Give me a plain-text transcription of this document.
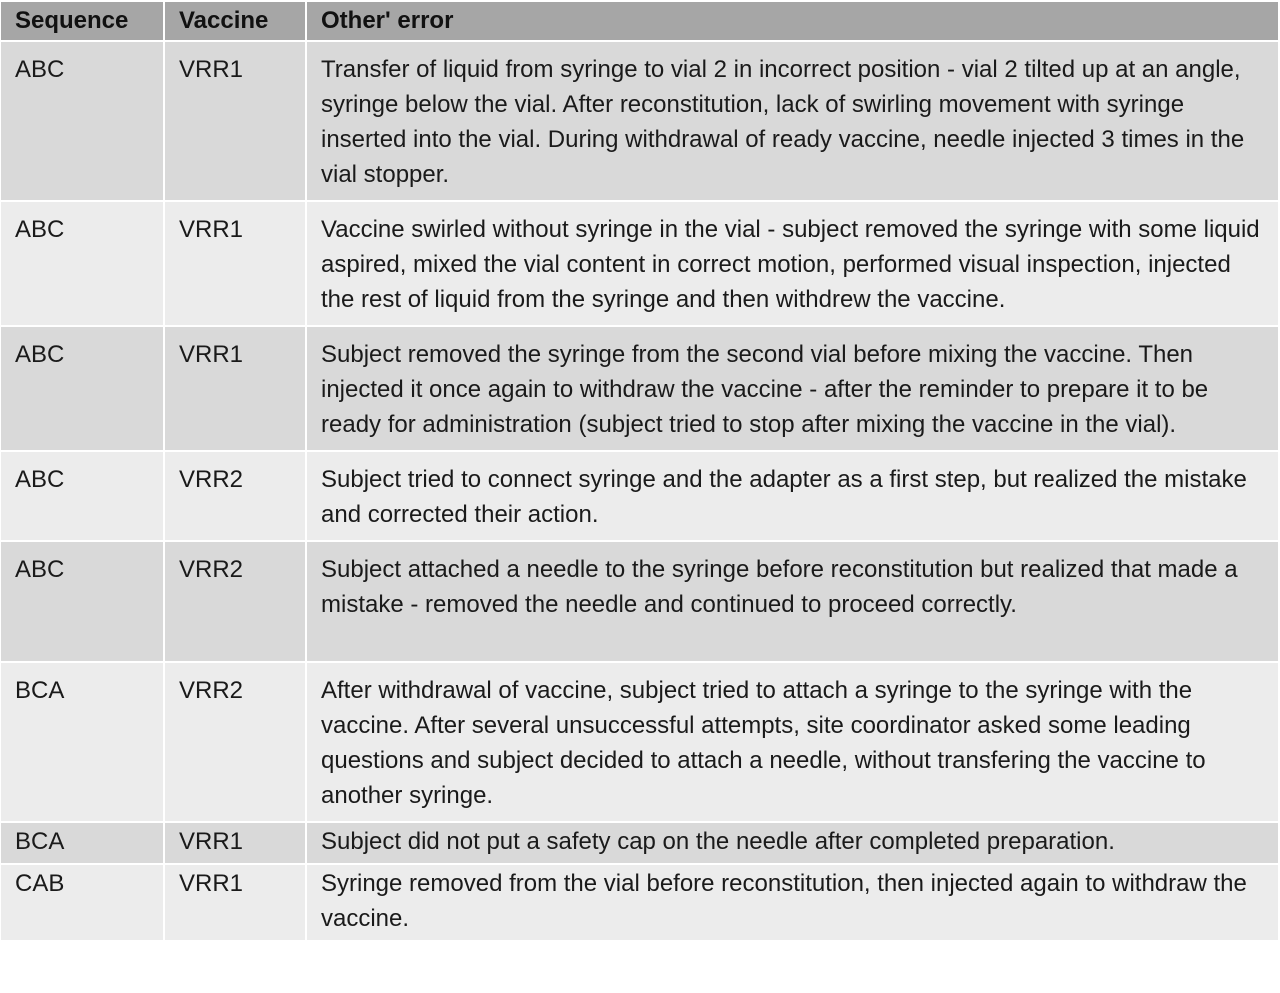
Sequence	Vaccine	Other' error
ABC	VRR1	Transfer of liquid from syringe to vial 2 in incorrect position - vial 2 tilted up at an angle, syringe below the vial. After reconstitution, lack of swirling movement with syringe inserted into the vial. During withdrawal of ready vaccine, needle injected 3 times in the vial stopper.
ABC	VRR1	Vaccine swirled without syringe in the vial - subject removed the syringe with some liquid aspired, mixed the vial content in correct motion, performed visual inspection, injected the rest of liquid from the syringe and then withdrew the vaccine.
ABC	VRR1	Subject removed the syringe from the second vial before mixing the vaccine. Then injected it once again to withdraw the vaccine - after the reminder to prepare it to be ready for administration (subject tried to stop after mixing the vaccine in the vial).
ABC	VRR2	Subject tried to connect syringe and the adapter as a first step, but realized the mistake and corrected their action.
ABC	VRR2	Subject attached a needle to the syringe before reconstitution but realized that made a mistake - removed the needle and continued to proceed correctly.
BCA	VRR2	After withdrawal of vaccine, subject tried to attach a syringe to the syringe with the vaccine. After several unsuccessful attempts, site coordinator asked some leading questions and subject decided to attach a needle, without transfering the vaccine to another syringe.
BCA	VRR1	Subject did not put a safety cap on the needle after completed preparation.
CAB	VRR1	Syringe removed from the vial before reconstitution, then injected again to withdraw the vaccine.
